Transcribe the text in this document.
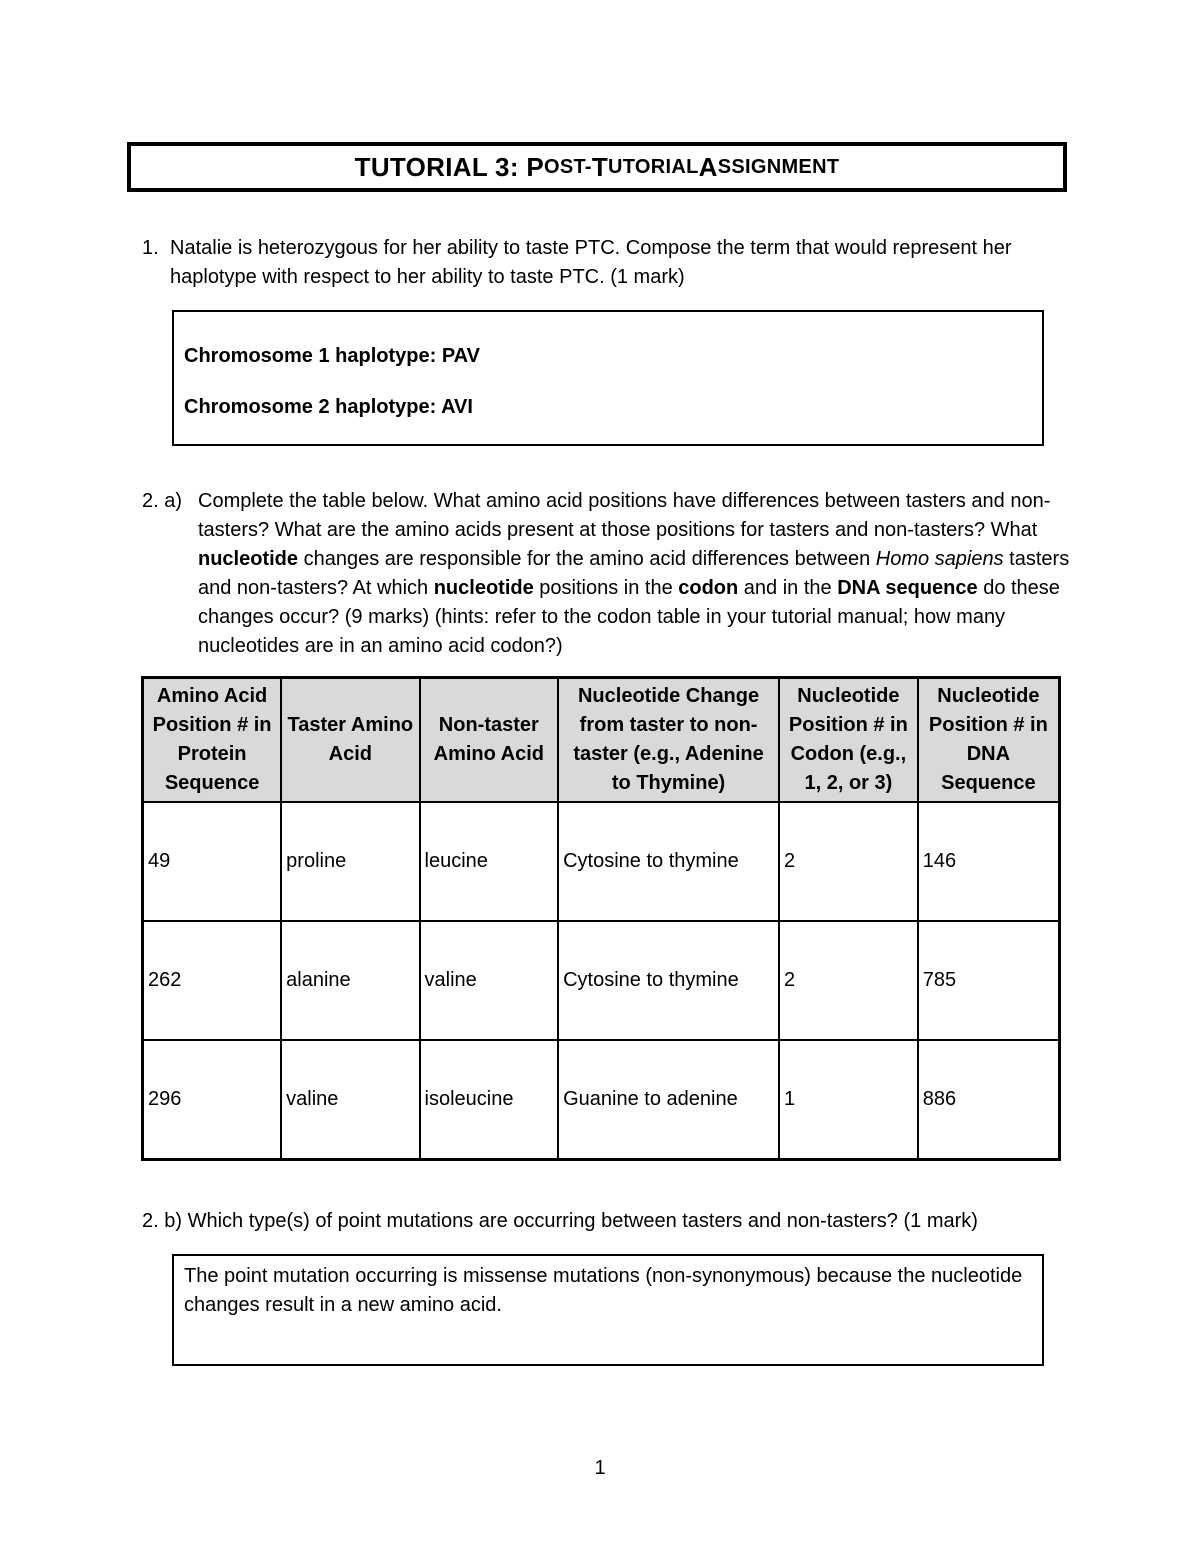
TUTORIAL 3:
P OST- T UTORIAL A SSIGNMENT
1. Natalie is heterozygous for her ability to taste PTC. Compose the term that would represent her haplotype with respect to her ability to taste PTC. (1 mark)

Chromosome 1 haplotype: PAV

Chromosome 2 haplotype: AVI

2. a) Complete the table below. What amino acid positions have differences between tasters and non-tasters? What are the amino acids present at those positions for tasters and non-tasters? What nucleotide changes are responsible for the amino acid differences between Homo sapiens tasters and non-tasters? At which nucleotide positions in the codon and in the DNA sequence do these changes occur? (9 marks) (hints: refer to the codon table in your tutorial manual; how many nucleotides are in an amino acid codon?)
Amino Acid Position # in Protein Sequence	Taster Amino Acid	Non-taster Amino Acid	Nucleotide Change from taster to non-taster (e.g., Adenine to Thymine)	Nucleotide Position # in Codon (e.g., 1, 2, or 3)	Nucleotide Position # in DNA Sequence
49	proline	leucine	Cytosine to thymine	2	146
262	alanine	valine	Cytosine to thymine	2	785
296	valine	isoleucine	Guanine to adenine	1	886
2. b) Which type(s) of point mutations are occurring between tasters and non-tasters? (1 mark)
The point mutation occurring is missense mutations (non-synonymous) because the nucleotide changes result in a new amino acid.
1
